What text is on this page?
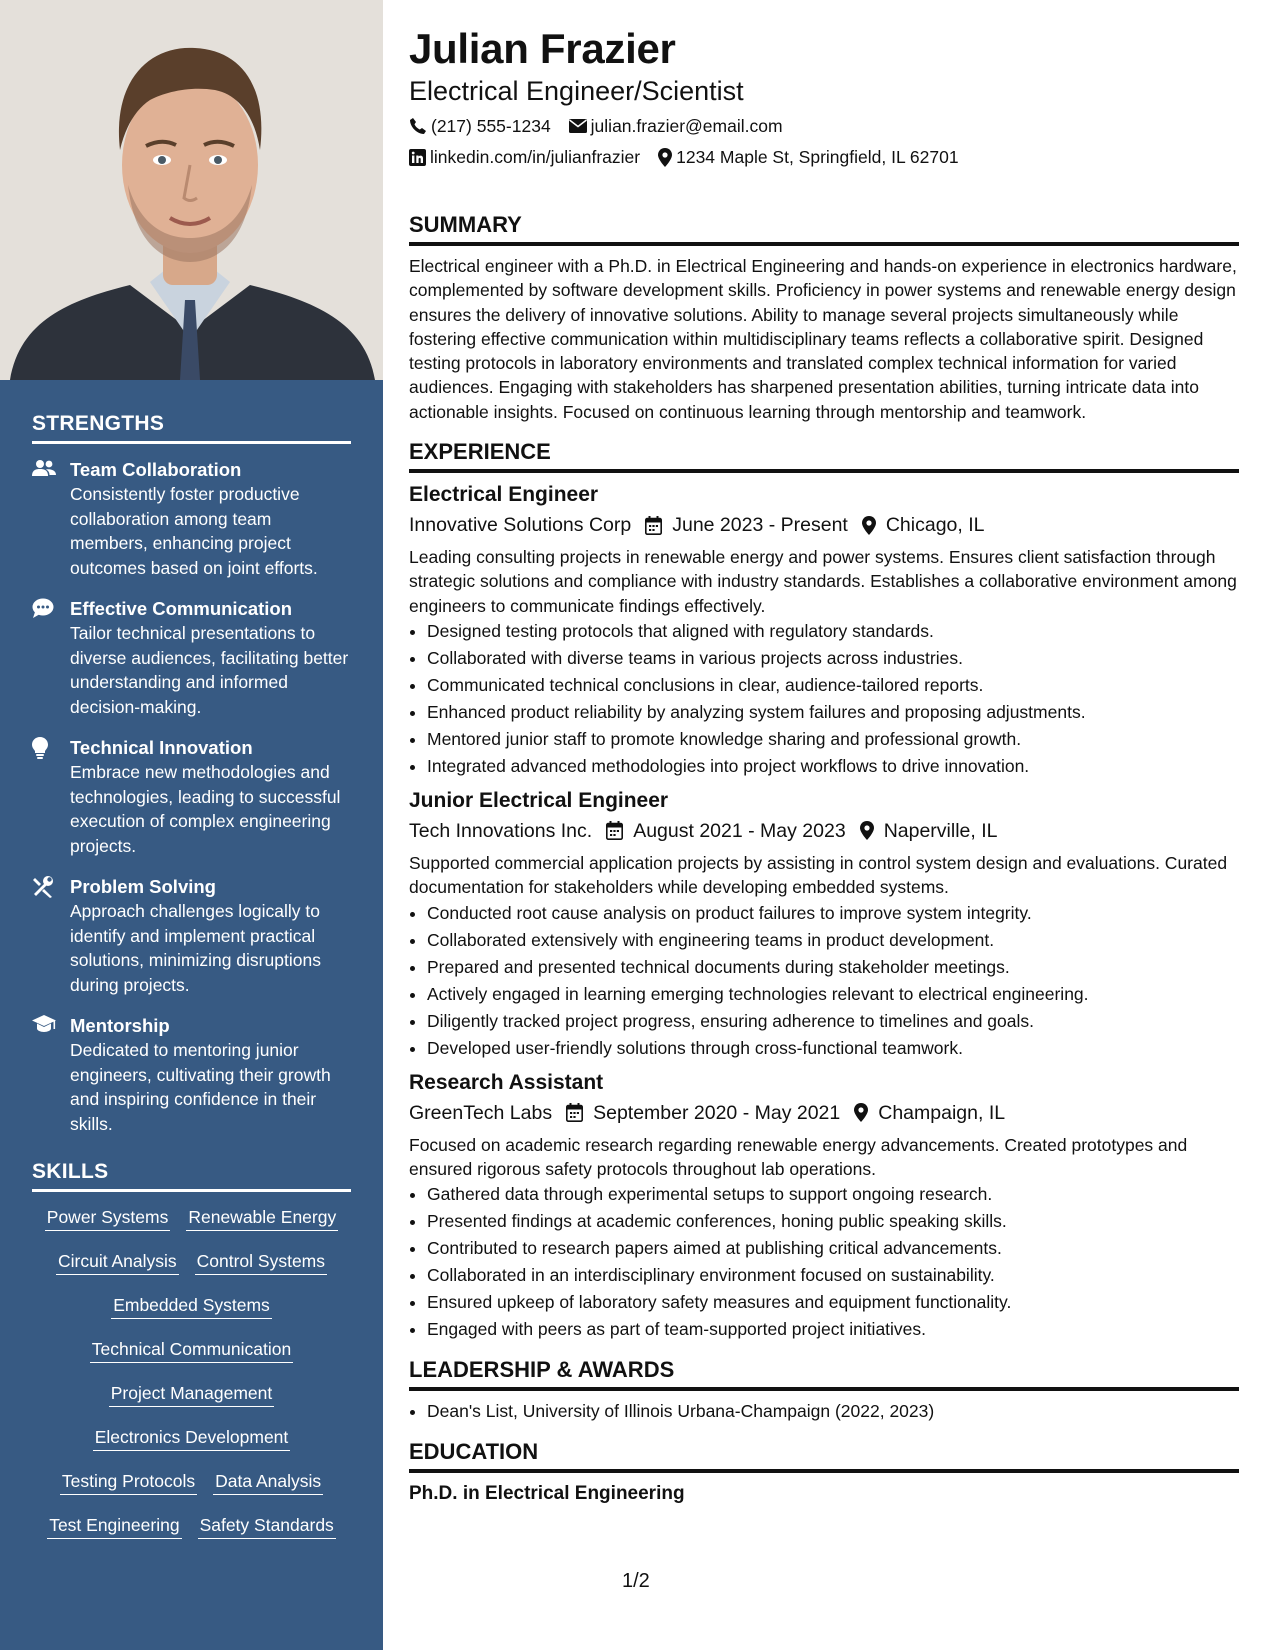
STRENGTHS
Team Collaboration
Consistently foster productive collaboration among team members, enhancing project outcomes based on joint efforts.
Effective Communication
Tailor technical presentations to diverse audiences, facilitating better understanding and informed decision-making.
Technical Innovation
Embrace new methodologies and technologies, leading to successful execution of complex engineering projects.
Problem Solving
Approach challenges logically to identify and implement practical solutions, minimizing disruptions during projects.
Mentorship
Dedicated to mentoring junior engineers, cultivating their growth and inspiring confidence in their skills.
SKILLS
Power Systems Renewable Energy
Circuit Analysis Control Systems
Embedded Systems
Technical Communication
Project Management
Electronics Development
Testing Protocols Data Analysis
Test Engineering Safety Standards
Julian Frazier
Electrical Engineer/Scientist
(217) 555-1234 julian.frazier@email.com
linkedin.com/in/julianfrazier 1234 Maple St, Springfield, IL 62701
SUMMARY
Electrical engineer with a Ph.D. in Electrical Engineering and hands-on experience in electronics hardware, complemented by software development skills. Proficiency in power systems and renewable energy design ensures the delivery of innovative solutions. Ability to manage several projects simultaneously while fostering effective communication within multidisciplinary teams reflects a collaborative spirit. Designed testing protocols in laboratory environments and translated complex technical information for varied audiences. Engaging with stakeholders has sharpened presentation abilities, turning intricate data into actionable insights. Focused on continuous learning through mentorship and teamwork.
EXPERIENCE
Electrical Engineer
Innovative Solutions Corp June 2023 - Present Chicago, IL
Leading consulting projects in renewable energy and power systems. Ensures client satisfaction through strategic solutions and compliance with industry standards. Establishes a collaborative environment among engineers to communicate findings effectively.
• Designed testing protocols that aligned with regulatory standards.
• Collaborated with diverse teams in various projects across industries.
• Communicated technical conclusions in clear, audience-tailored reports.
• Enhanced product reliability by analyzing system failures and proposing adjustments.
• Mentored junior staff to promote knowledge sharing and professional growth.
• Integrated advanced methodologies into project workflows to drive innovation.
Junior Electrical Engineer
Tech Innovations Inc. August 2021 - May 2023 Naperville, IL
Supported commercial application projects by assisting in control system design and evaluations. Curated documentation for stakeholders while developing embedded systems.
• Conducted root cause analysis on product failures to improve system integrity.
• Collaborated extensively with engineering teams in product development.
• Prepared and presented technical documents during stakeholder meetings.
• Actively engaged in learning emerging technologies relevant to electrical engineering.
• Diligently tracked project progress, ensuring adherence to timelines and goals.
• Developed user-friendly solutions through cross-functional teamwork.
Research Assistant
GreenTech Labs September 2020 - May 2021 Champaign, IL
Focused on academic research regarding renewable energy advancements. Created prototypes and ensured rigorous safety protocols throughout lab operations.
• Gathered data through experimental setups to support ongoing research.
• Presented findings at academic conferences, honing public speaking skills.
• Contributed to research papers aimed at publishing critical advancements.
• Collaborated in an interdisciplinary environment focused on sustainability.
• Ensured upkeep of laboratory safety measures and equipment functionality.
• Engaged with peers as part of team-supported project initiatives.
LEADERSHIP & AWARDS
• Dean's List, University of Illinois Urbana-Champaign (2022, 2023)
EDUCATION
Ph.D. in Electrical Engineering
1/2
